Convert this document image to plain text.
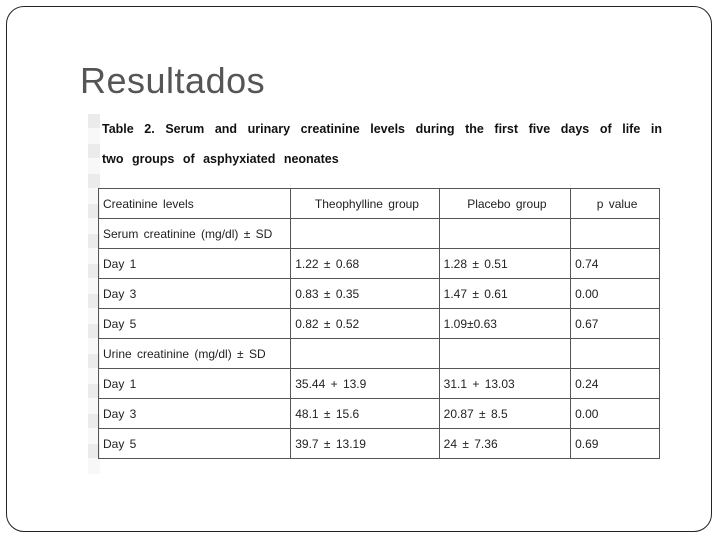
Resultados
Table 2. Serum and urinary creatinine levels during the first five days of life in two groups of asphyxiated neonates
Creatinine levels	Theophylline group	Placebo group	p value
Serum creatinine (mg/dl) ± SD			
Day 1	1.22 ± 0.68	1.28 ± 0.51	0.74
Day 3	0.83 ± 0.35	1.47 ± 0.61	0.00
Day 5	0.82 ± 0.52	1.09±0.63	0.67
Urine creatinine (mg/dl) ± SD			
Day 1	35.44 + 13.9	31.1 + 13.03	0.24
Day 3	48.1 ± 15.6	20.87 ± 8.5	0.00
Day 5	39.7 ± 13.19	24 ± 7.36	0.69
